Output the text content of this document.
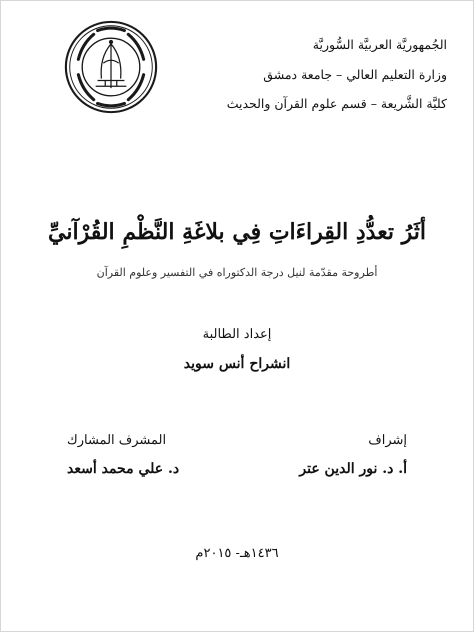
الجُمهوريَّة العربيَّة السُّوريَّة
وزارة التعليم العالي – جامعة دمشق
كليَّة الشَّريعة – قسم علوم القرآن والحديث
أثَرُ تعدُّدِ القِراءَاتِ فِي بلاغَةِ النَّظْمِ القُرْآنيِّ
أطروحة مقدّمة لنيل درجة الدكتوراه في التفسير وعلوم القرآن
إعداد الطالبة
انشراح أنس سويد
إشراف
المشرف المشارك
أ. د. نور الدين عتر
د. علي محمد أسعد
١٤٣٦هـ- ٢٠١٥م
